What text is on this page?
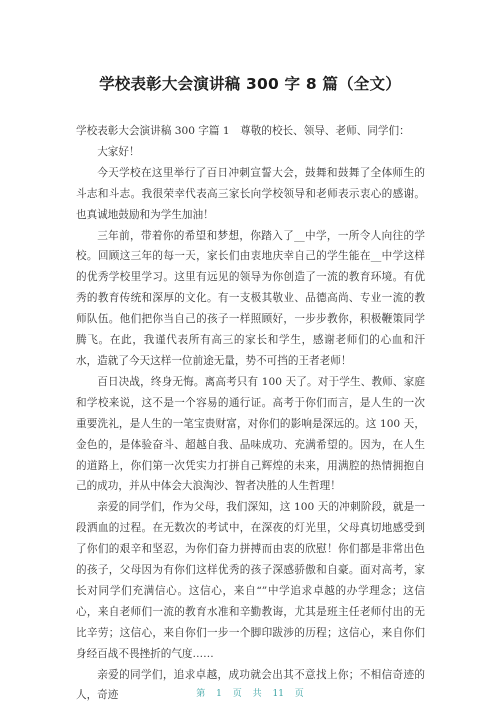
学校表彰大会演讲稿 300 字 8 篇（全文）

学校表彰大会演讲稿 300 字篇 1　尊敬的校长、领导、老师、同学们：

大家好！

今天学校在这里举行了百日冲刺宣誓大会，鼓舞和鼓舞了全体师生的斗志和斗志。我很荣幸代表高三家长向学校领导和老师表示衷心的感谢。也真诚地鼓励和为学生加油！

三年前，带着你的希望和梦想，你踏入了__中学，一所令人向往的学校。回顾这三年的每一天，家长们由衷地庆幸自己的学生能在__中学这样的优秀学校里学习。这里有远见的领导为你创造了一流的教育环境。有优秀的教育传统和深厚的文化。有一支极其敬业、品德高尚、专业一流的教师队伍。他们把你当自己的孩子一样照顾好，一步步教你，积极鞭策同学腾飞。在此，我谨代表所有高三的家长和学生，感谢老师们的心血和汗水，造就了今天这样一位前途无量，势不可挡的王者老师！

百日决战，终身无悔。离高考只有 100 天了。对于学生、教师、家庭和学校来说，这不是一个容易的通行证。高考于你们而言，是人生的一次重要洗礼，是人生的一笔宝贵财富，对你们的影响是深远的。这 100 天，金色的，是体验奋斗、超越自我、品味成功、充满希望的。因为，在人生的道路上，你们第一次凭实力打拼自己辉煌的未来，用满腔的热情拥抱自己的成功，并从中体会大浪淘沙、智者决胜的人生哲理！

亲爱的同学们，作为父母，我们深知，这 100 天的冲刺阶段，就是一段洒血的过程。在无数次的考试中，在深夜的灯光里，父母真切地感受到了你们的艰辛和坚忍，为你们奋力拼搏而由衷的欣慰！你们都是非常出色的孩子，父母因为有你们这样优秀的孩子深感骄傲和自豪。面对高考，家长对同学们充满信心。这信心，来自“”中学追求卓越的办学理念；这信心，来自老师们一流的教育水准和辛勤教诲，尤其是班主任老师付出的无比辛劳；这信心，来自你们一步一个脚印跋涉的历程；这信心，来自你们身经百战不畏挫折的气度……

亲爱的同学们，追求卓越，成功就会出其不意找上你；不相信奇迹的人，奇迹	第 1 页 共 11 页
